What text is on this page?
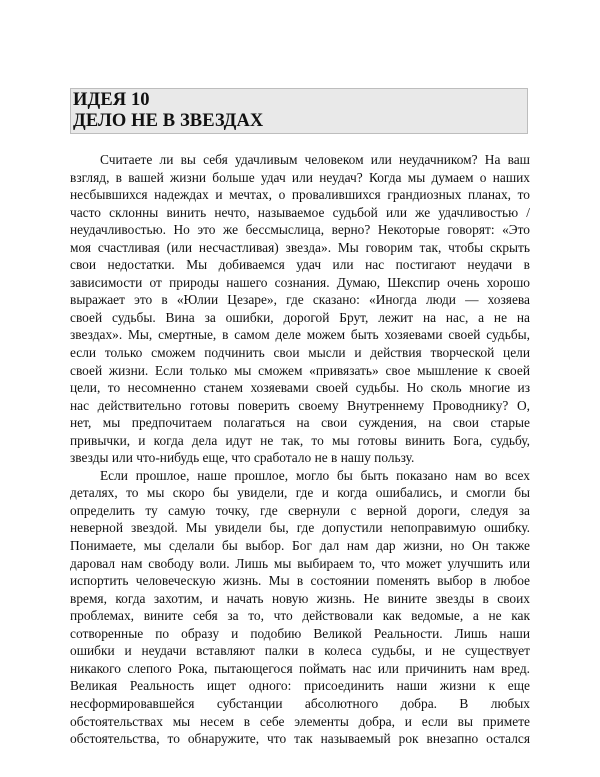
ИДЕЯ 10
ДЕЛО НЕ В ЗВЕЗДАХ
Считаете ли вы себя удачливым человеком или неудачником? На ваш
взгляд, в вашей жизни больше удач или неудач? Когда мы думаем о наших
несбывшихся надеждах и мечтах, о провалившихся грандиозных планах, то
часто склонны винить нечто, называемое судьбой или же удачливостью /
неудачливостью. Но это же бессмыслица, верно? Некоторые говорят: «Это
моя счастливая (или несчастливая) звезда». Мы говорим так, чтобы скрыть
свои недостатки. Мы добиваемся удач или нас постигают неудачи в
зависимости от природы нашего сознания. Думаю, Шекспир очень хорошо
выражает это в «Юлии Цезаре», где сказано: «Иногда люди — хозяева
своей судьбы. Вина за ошибки, дорогой Брут, лежит на нас, а не на
звездах». Мы, смертные, в самом деле можем быть хозяевами своей судьбы,
если только сможем подчинить свои мысли и действия творческой цели
своей жизни. Если только мы сможем «привязать» свое мышление к своей
цели, то несомненно станем хозяевами своей судьбы. Но сколь многие из
нас действительно готовы поверить своему Внутреннему Проводнику? О,
нет, мы предпочитаем полагаться на свои суждения, на свои старые
привычки, и когда дела идут не так, то мы готовы винить Бога, судьбу,
звезды или что-нибудь еще, что сработало не в нашу пользу.
Если прошлое, наше прошлое, могло бы быть показано нам во всех
деталях, то мы скоро бы увидели, где и когда ошибались, и смогли бы
определить ту самую точку, где свернули с верной дороги, следуя за
неверной звездой. Мы увидели бы, где допустили непоправимую ошибку.
Понимаете, мы сделали бы выбор. Бог дал нам дар жизни, но Он также
даровал нам свободу воли. Лишь мы выбираем то, что может улучшить или
испортить человеческую жизнь. Мы в состоянии поменять выбор в любое
время, когда захотим, и начать новую жизнь. Не вините звезды в своих
проблемах, вините себя за то, что действовали как ведомые, а не как
сотворенные по образу и подобию Великой Реальности. Лишь наши
ошибки и неудачи вставляют палки в колеса судьбы, и не существует
никакого слепого Рока, пытающегося поймать нас или причинить нам вред.
Великая Реальность ищет одного: присоединить наши жизни к еще
несформировавшейся субстанции абсолютного добра. В любых
обстоятельствах мы несем в себе элементы добра, и если вы примете
обстоятельства, то обнаружите, что так называемый рок внезапно остался
